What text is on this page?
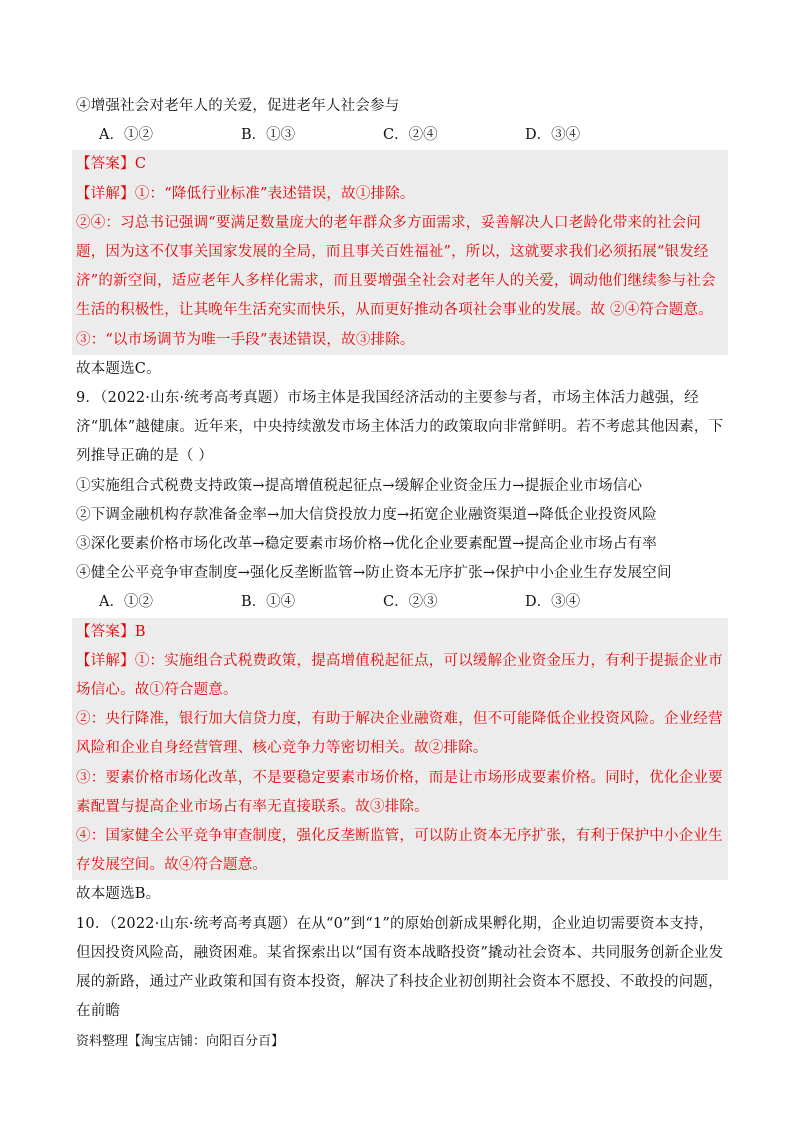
④增强社会对老年人的关爱，促进老年人社会参与
A．①②	B．①③	C．②④	D．③④
【答案】C
【详解】①：“降低行业标准”表述错误，故①排除。
②④：习总书记强调“要满足数量庞大的老年群众多方面需求，妥善解决人口老龄化带来的社会问题，因为这不仅事关国家发展的全局，而且事关百姓福祉”，所以，这就要求我们必须拓展“银发经济”的新空间，适应老年人多样化需求，而且要增强全社会对老年人的关爱，调动他们继续参与社会生活的积极性，让其晚年生活充实而快乐，从而更好推动各项社会事业的发展。故 ②④符合题意。
③：“以市场调节为唯一手段”表述错误，故③排除。
故本题选C。
9．（2022·山东·统考高考真题）市场主体是我国经济活动的主要参与者，市场主体活力越强，经济“肌体”越健康。近年来，中央持续激发市场主体活力的政策取向非常鲜明。若不考虑其他因素，下列推导正确的是（ ）
①实施组合式税费支持政策→提高增值税起征点→缓解企业资金压力→提振企业市场信心
②下调金融机构存款准备金率→加大信贷投放力度→拓宽企业融资渠道→降低企业投资风险
③深化要素价格市场化改革→稳定要素市场价格→优化企业要素配置→提高企业市场占有率
④健全公平竞争审查制度→强化反垄断监管→防止资本无序扩张→保护中小企业生存发展空间
A．①②	B．①④	C．②③	D．③④
【答案】B
【详解】①：实施组合式税费政策，提高增值税起征点，可以缓解企业资金压力，有利于提振企业市场信心。故①符合题意。
②：央行降准，银行加大信贷力度，有助于解决企业融资难，但不可能降低企业投资风险。企业经营风险和企业自身经营管理、核心竞争力等密切相关。故②排除。
③：要素价格市场化改革，不是要稳定要素市场价格，而是让市场形成要素价格。同时，优化企业要素配置与提高企业市场占有率无直接联系。故③排除。
④：国家健全公平竞争审查制度，强化反垄断监管，可以防止资本无序扩张，有利于保护中小企业生存发展空间。故④符合题意。
故本题选B。
10．（2022·山东·统考高考真题）在从“0”到“1”的原始创新成果孵化期，企业迫切需要资本支持，但因投资风险高，融资困难。某省探索出以“国有资本战略投资”撬动社会资本、共同服务创新企业发展的新路，通过产业政策和国有资本投资，解决了科技企业初创期社会资本不愿投、不敢投的问题，在前瞻
资料整理【淘宝店铺：向阳百分百】
